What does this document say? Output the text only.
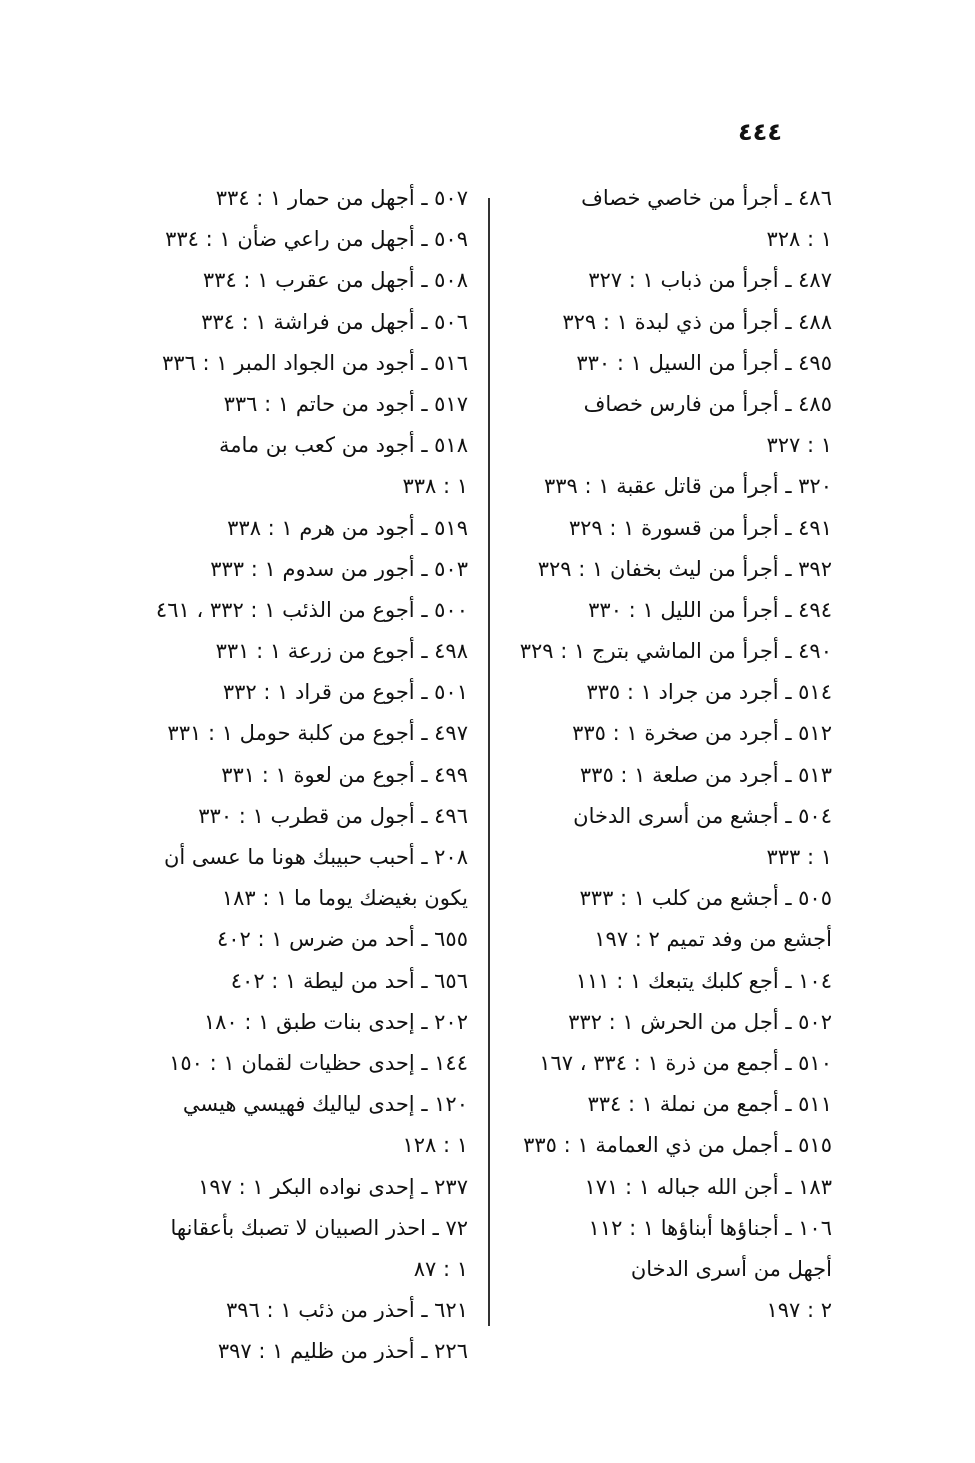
٤٤٤
٤٨٦ ـ أجرأ من خاصي خصاف
١ : ٣٢٨
٤٨٧ ـ أجرأ من ذباب ١ : ٣٢٧
٤٨٨ ـ أجرأ من ذي لبدة ١ : ٣٢٩
٤٩٥ ـ أجرأ من السيل ١ : ٣٣٠
٤٨٥ ـ أجرأ من فارس خصاف
١ : ٣٢٧
٣٢٠ ـ أجرأ من قاتل عقبة ١ : ٣٣٩
٤٩١ ـ أجرأ من قسورة ١ : ٣٢٩
٣٩٢ ـ أجرأ من ليث بخفان ١ : ٣٢٩
٤٩٤ ـ أجرأ من الليل ١ : ٣٣٠
٤٩٠ ـ أجرأ من الماشي بترج ١ : ٣٢٩
٥١٤ ـ أجرد من جراد ١ : ٣٣٥
٥١٢ ـ أجرد من صخرة ١ : ٣٣٥
٥١٣ ـ أجرد من صلعة ١ : ٣٣٥
٥٠٤ ـ أجشع من أسرى الدخان
١ : ٣٣٣
٥٠٥ ـ أجشع من كلب ١ : ٣٣٣
أجشع من وفد تميم ٢ : ١٩٧
١٠٤ ـ أجع كلبك يتبعك ١ : ١١١
٥٠٢ ـ أجل من الحرش ١ : ٣٣٢
٥١٠ ـ أجمع من ذرة ١ : ٣٣٤ ، ١٦٧
٥١١ ـ أجمع من نملة ١ : ٣٣٤
٥١٥ ـ أجمل من ذي العمامة ١ : ٣٣٥
١٨٣ ـ أجن الله جباله ١ : ١٧١
١٠٦ ـ أجناؤها أبناؤها ١ : ١١٢
أجهل من أسرى الدخان
٢ : ١٩٧
٥٠٧ ـ أجهل من حمار ١ : ٣٣٤
٥٠٩ ـ أجهل من راعي ضأن ١ : ٣٣٤
٥٠٨ ـ أجهل من عقرب ١ : ٣٣٤
٥٠٦ ـ أجهل من فراشة ١ : ٣٣٤
٥١٦ ـ أجود من الجواد المبر ١ : ٣٣٦
٥١٧ ـ أجود من حاتم ١ : ٣٣٦
٥١٨ ـ أجود من كعب بن مامة
١ : ٣٣٨
٥١٩ ـ أجود من هرم ١ : ٣٣٨
٥٠٣ ـ أجور من سدوم ١ : ٣٣٣
٥٠٠ ـ أجوع من الذئب ١ : ٣٣٢ ، ٤٦١
٤٩٨ ـ أجوع من زرعة ١ : ٣٣١
٥٠١ ـ أجوع من قراد ١ : ٣٣٢
٤٩٧ ـ أجوع من كلبة حومل ١ : ٣٣١
٤٩٩ ـ أجوع من لعوة ١ : ٣٣١
٤٩٦ ـ أجول من قطرب ١ : ٣٣٠
٢٠٨ ـ أحبب حبيبك هونا ما عسى أن
يكون بغيضك يوما ما ١ : ١٨٣
٦٥٥ ـ أحد من ضرس ١ : ٤٠٢
٦٥٦ ـ أحد من ليطة ١ : ٤٠٢
٢٠٢ ـ إحدى بنات طبق ١ : ١٨٠
١٤٤ ـ إحدى حظيات لقمان ١ : ١٥٠
١٢٠ ـ إحدى لياليك فهيسي هيسي
١ : ١٢٨
٢٣٧ ـ إحدى نواده البكر ١ : ١٩٧
٧٢ ـ احذر الصبيان لا تصبك بأعقانها
١ : ٨٧
٦٢١ ـ أحذر من ذئب ١ : ٣٩٦
٢٢٦ ـ أحذر من ظليم ١ : ٣٩٧
